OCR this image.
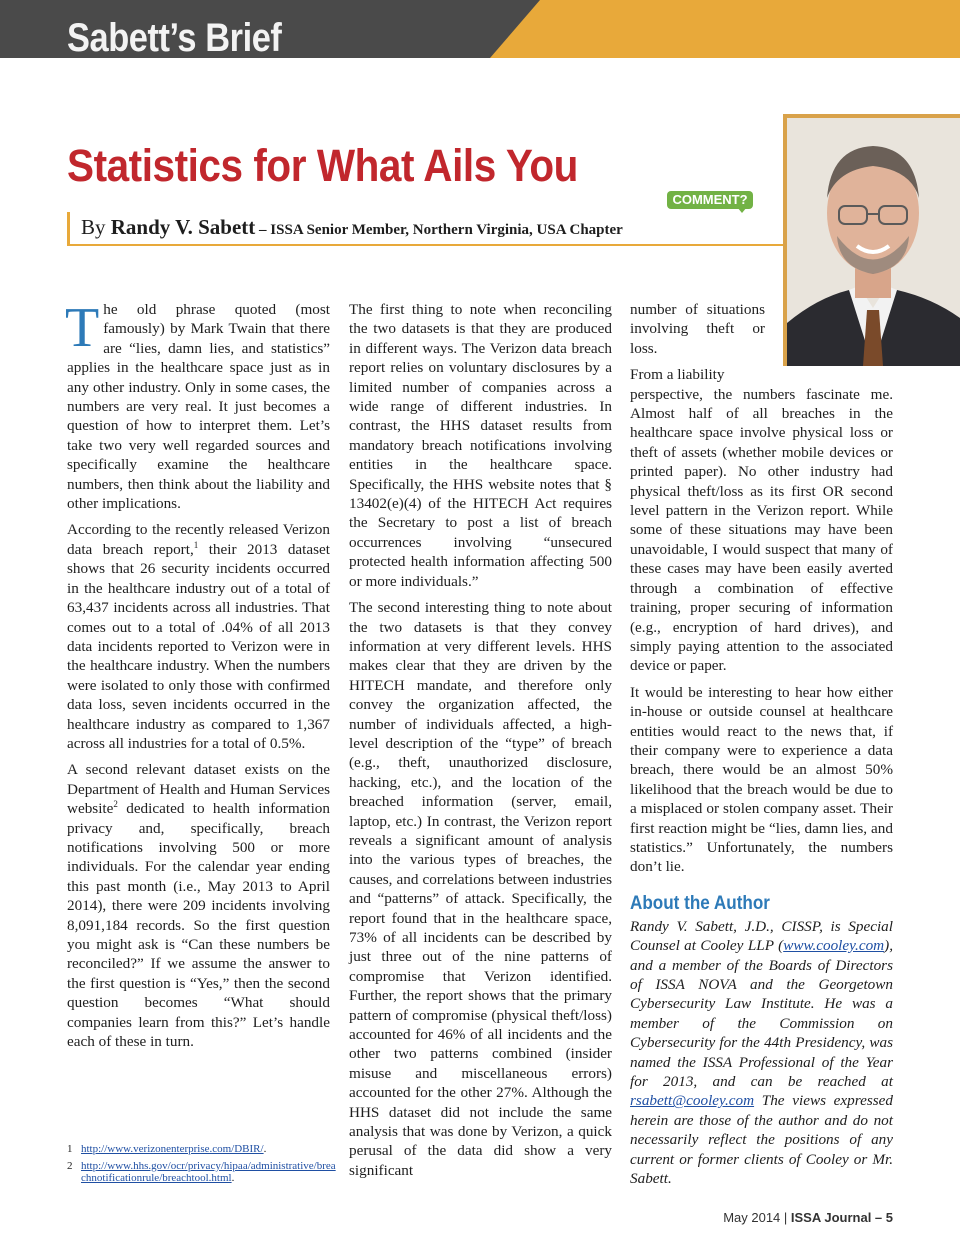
Sabett’s Brief
Statistics for What Ails You
COMMENT?
By Randy V. Sabett – ISSA Senior Member, Northern Virginia, USA Chapter

The old phrase quoted (most famously) by Mark Twain that there are “lies, damn lies, and statistics” applies in the healthcare space just as in any other industry. Only in some cases, the numbers are very real. It just becomes a question of how to interpret them. Let’s take two very well regarded sources and specifically examine the healthcare numbers, then think about the liability and other implications.

According to the recently released Verizon data breach report,$^1$ their 2013 dataset shows that 26 security incidents occurred in the healthcare industry out of a total of 63,437 incidents across all industries. That comes out to a total of .04% of all 2013 data incidents reported to Verizon were in the healthcare industry. When the numbers were isolated to only those with confirmed data loss, seven incidents occurred in the healthcare industry as compared to 1,367 across all industries for a total of 0.5%.

A second relevant dataset exists on the Department of Health and Human Services website$^2$ dedicated to health information privacy and, specifically, breach notifications involving 500 or more individuals. For the calendar year ending this past month (i.e., May 2013 to April 2014), there were 209 incidents involving 8,091,184 records. So the first question you might ask is “Can these numbers be reconciled?” If we assume the answer to the first question is “Yes,” then the second question becomes “What should companies learn from this?” Let’s handle each of these in turn.

The first thing to note when reconciling the two datasets is that they are produced in different ways. The Verizon data breach report relies on voluntary disclosures by a limited number of companies across a wide range of different industries. In contrast, the HHS dataset results from mandatory breach notifications involving entities in the healthcare space. Specifically, the HHS website notes that § 13402(e)(4) of the HITECH Act requires the Secretary to post a list of breach occurrences involving “unsecured protected health information affecting 500 or more individuals.”

The second interesting thing to note about the two datasets is that they convey information at very different levels. HHS makes clear that they are driven by the HITECH mandate, and therefore only convey the organization affected, the number of individuals affected, a high-level description of the “type” of breach (e.g., theft, unauthorized disclosure, hacking, etc.), and the location of the breached information (server, email, laptop, etc.) In contrast, the Verizon report reveals a significant amount of analysis into the various types of breaches, the causes, and correlations between industries and “patterns” of attack. Specifically, the report found that in the healthcare space, 73% of all incidents can be described by just three out of the nine patterns of compromise that Verizon identified. Further, the report shows that the primary pattern of compromise (physical theft/loss) accounted for 46% of all incidents and the other two patterns combined (insider misuse and miscellaneous errors) accounted for the other 27%. Although the HHS dataset did not include the same analysis that was done by Verizon, a quick perusal of the data did show a very significant

number of situations involving theft or loss.

From a liability

perspective, the numbers fascinate me. Almost half of all breaches in the healthcare space involve physical loss or theft of assets (whether mobile devices or printed paper). No other industry had physical theft/loss as its first OR second level pattern in the Verizon report. While some of these situations may have been unavoidable, I would suspect that many of these cases may have been easily averted through a combination of effective training, proper securing of information (e.g., encryption of hard drives), and simply paying attention to the associated device or paper.

It would be interesting to hear how either in-house or outside counsel at healthcare entities would react to the news that, if their company were to experience a data breach, there would be an almost 50% likelihood that the breach would be due to a misplaced or stolen company asset. Their first reaction might be “lies, damn lies, and statistics.” Unfortunately, the numbers don’t lie.

About the Author

Randy V. Sabett, J.D., CISSP, is Special Counsel at Cooley LLP (www.cooley.com), and a member of the Boards of Directors of ISSA NOVA and the Georgetown Cybersecurity Law Institute. He was a member of the Commission on Cybersecurity for the 44th Presidency, was named the ISSA Professional of the Year for 2013, and can be reached at rsabett@cooley.com The views expressed herein are those of the author and do not necessarily reflect the positions of any current or former clients of Cooley or Mr. Sabett.

1 http://www.verizonenterprise.com/DBIR/.
2 http://www.hhs.gov/ocr/privacy/hipaa/administrative/breachnotificationrule/breachtool.html.
May 2014 | ISSA Journal – 5
